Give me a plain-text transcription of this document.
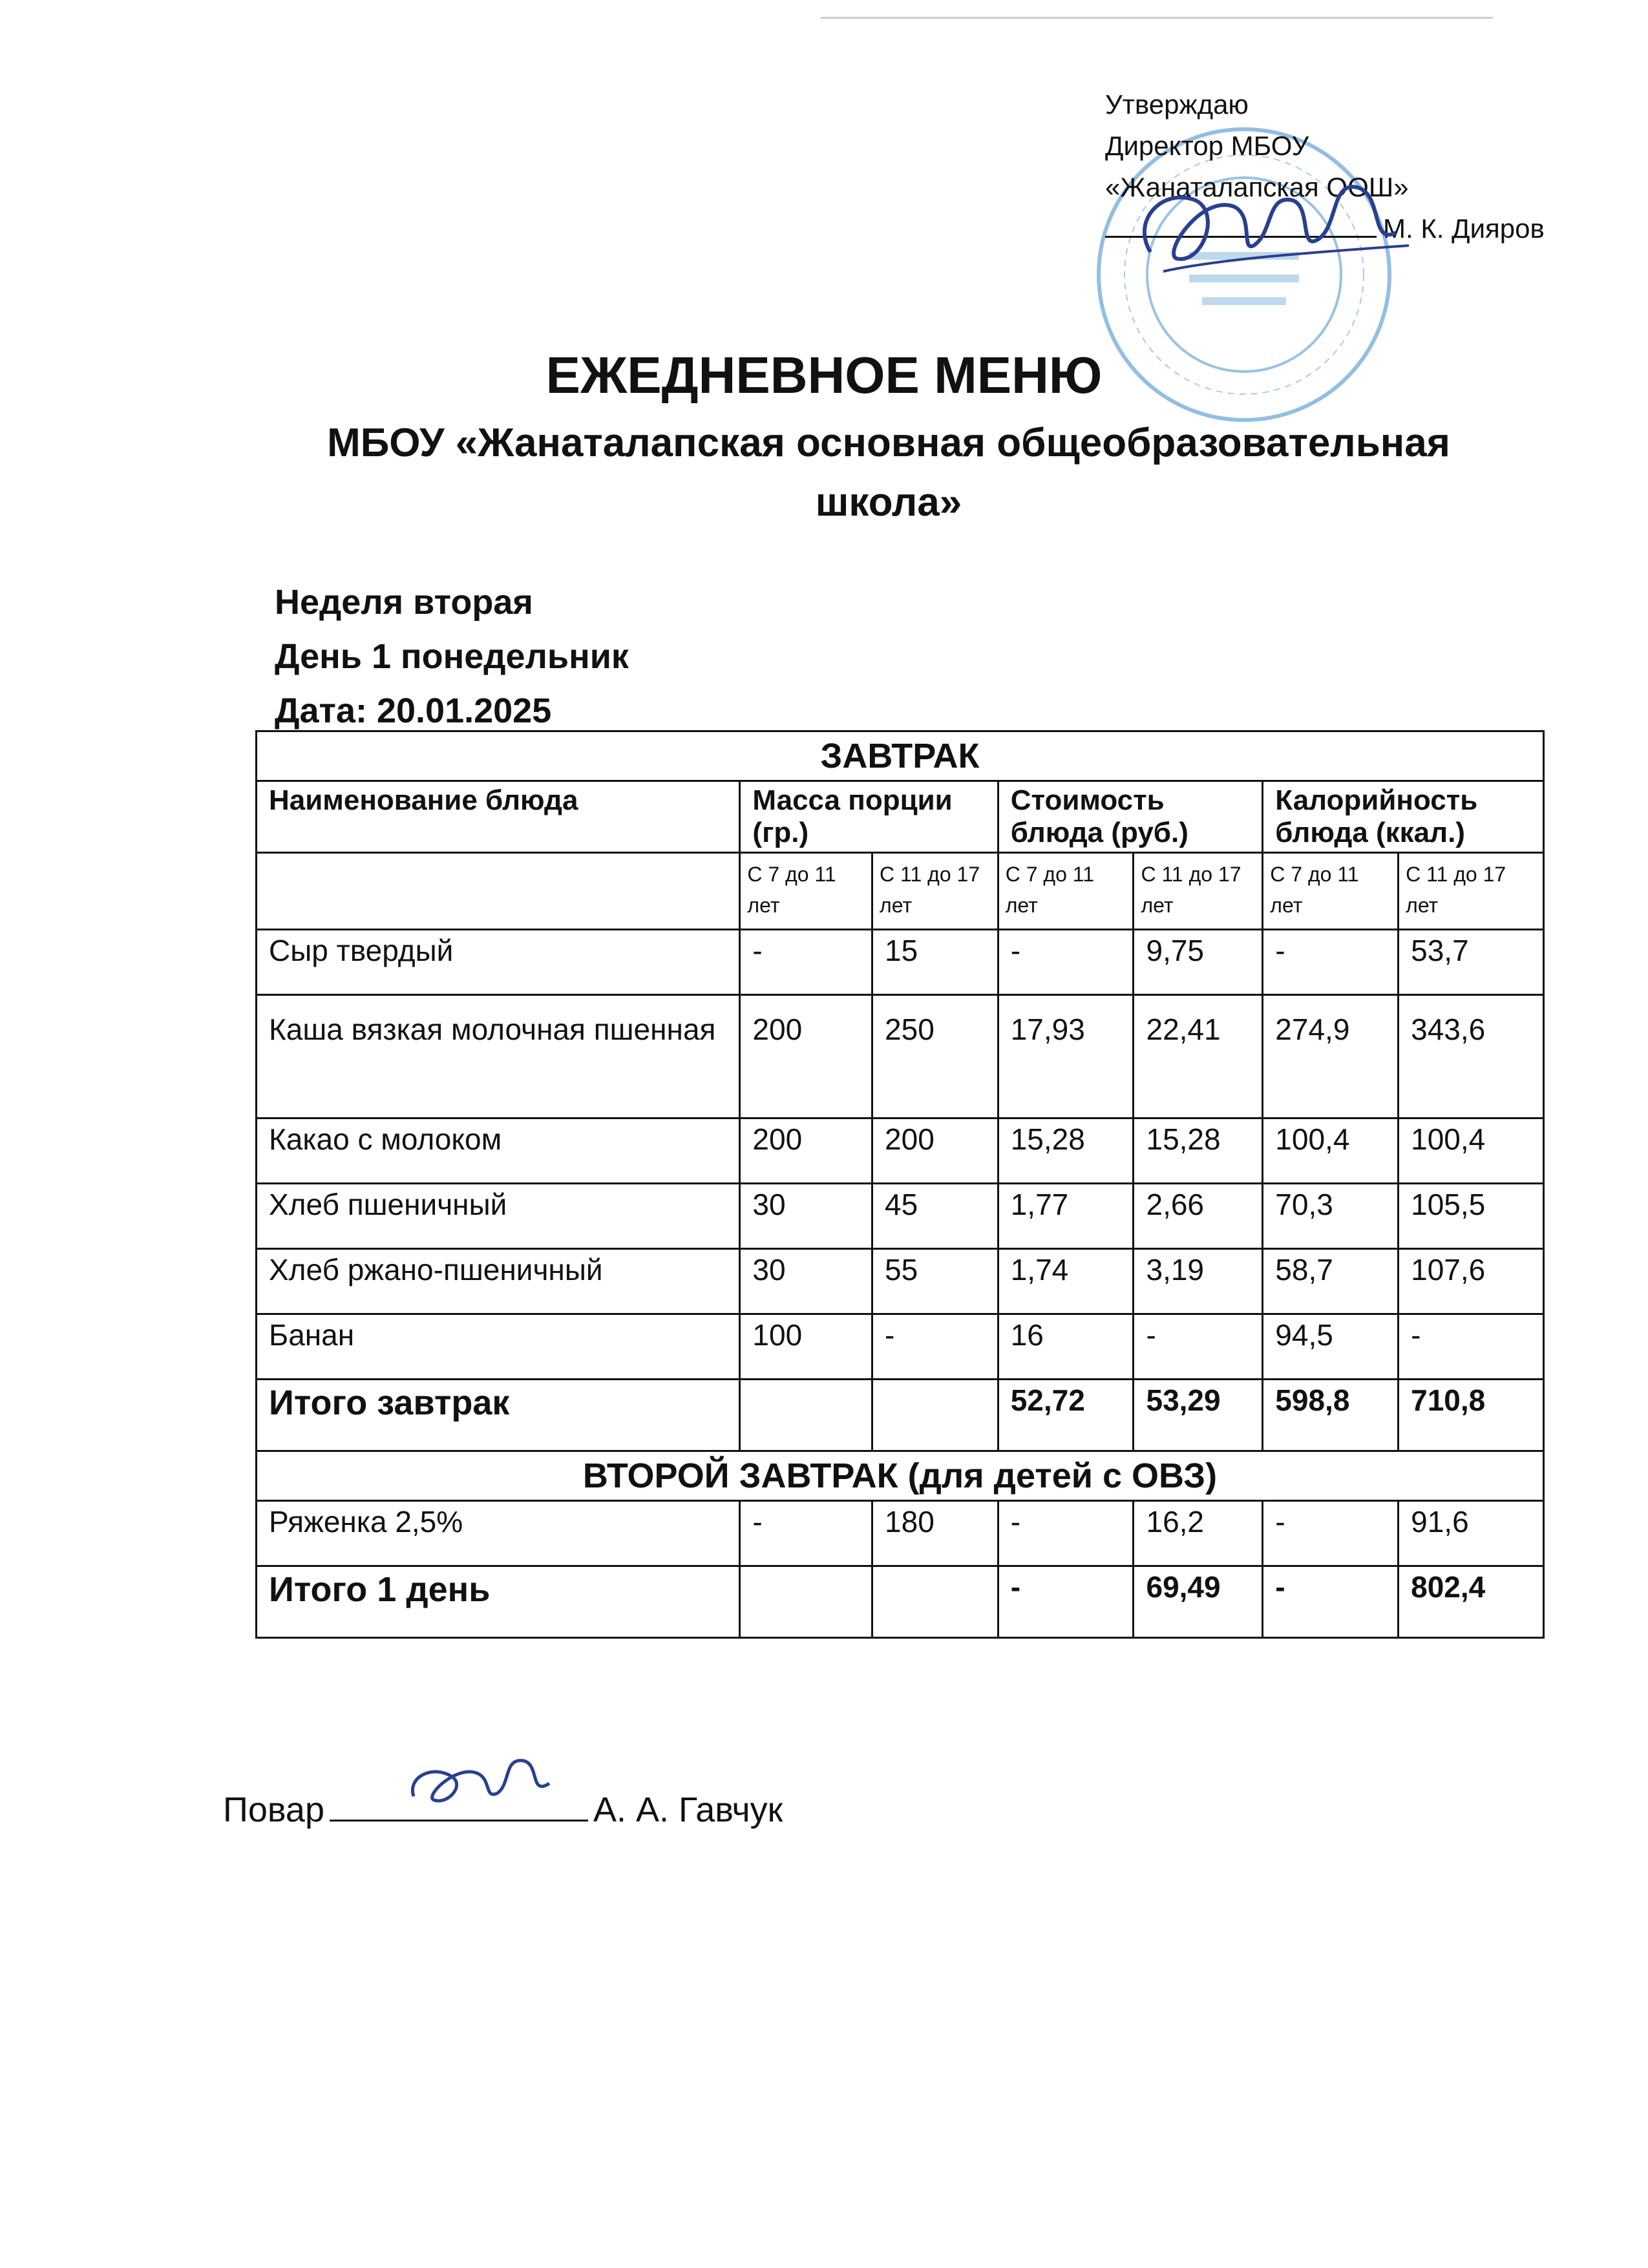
Утверждаю
Директор МБОУ
«Жанаталапская ООШ»
М. К. Дияров
ЕЖЕДНЕВНОЕ МЕНЮ
МБОУ «Жанаталапская основная общеобразовательная школа»
Неделя вторая
День 1 понедельник
Дата: 20.01.2025
ЗАВТРАК						
Наименование блюда	Масса порции (гр.)		Стоимость блюда (руб.)		Калорийность блюда (ккал.)	
	С 7 до 11 лет	С 11 до 17 лет	С 7 до 11 лет	С 11 до 17 лет	С 7 до 11 лет	С 11 до 17 лет
Сыр твердый	-	15	-	9,75	-	53,7
Каша вязкая молочная пшенная	200	250	17,93	22,41	274,9	343,6
Какао с молоком	200	200	15,28	15,28	100,4	100,4
Хлеб пшеничный	30	45	1,77	2,66	70,3	105,5
Хлеб ржано-пшеничный	30	55	1,74	3,19	58,7	107,6
Банан	100	-	16	-	94,5	-
Итого завтрак			52,72	53,29	598,8	710,8
ВТОРОЙ ЗАВТРАК (для детей с ОВЗ)						
Ряженка 2,5%	-	180	-	16,2	-	91,6
Итого 1 день			-	69,49	-	802,4
Повар	А. А. Гавчук
